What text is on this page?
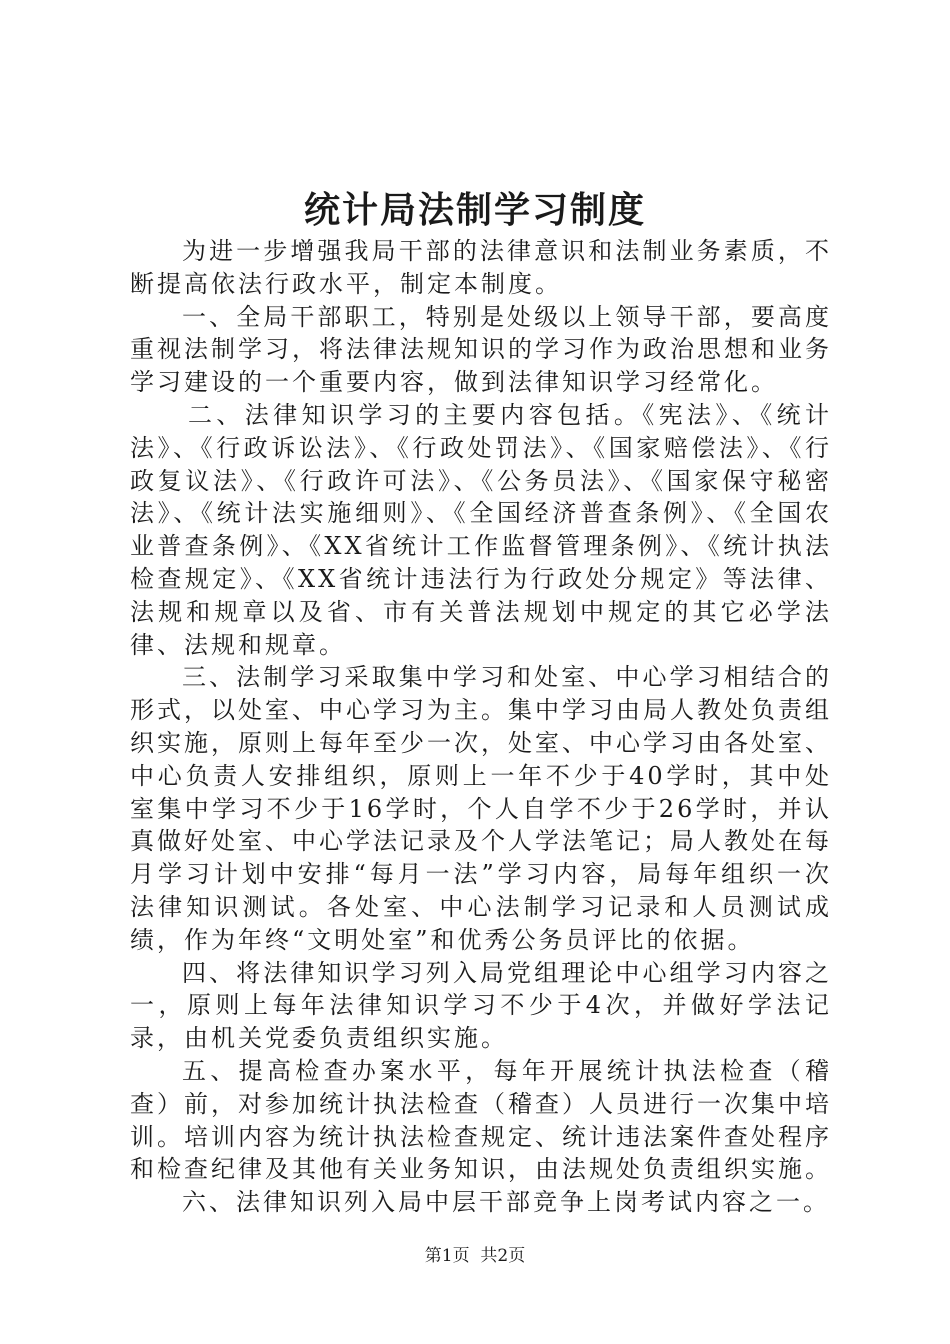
统计局法制学习制度

为进一步增强我局干部的法律意识和法制业务素质，不断提高依法行政水平，制定本制度。

一、全局干部职工，特别是处级以上领导干部，要高度重视法制学习，将法律法规知识的学习作为政治思想和业务学习建设的一个重要内容，做到法律知识学习经常化。

二、法律知识学习的主要内容包括。《宪法》、《统计法》、《行政诉讼法》、《行政处罚法》、《国家赔偿法》、《行政复议法》、《行政许可法》、《公务员法》、《国家保守秘密法》、《统计法实施细则》、《全国经济普查条例》、《全国农业普查条例》、《XX省统计工作监督管理条例》、《统计执法检查规定》、《XX省统计违法行为行政处分规定》等法律、法规和规章以及省、市有关普法规划中规定的其它必学法律、法规和规章。

三、法制学习采取集中学习和处室、中心学习相结合的形式，以处室、中心学习为主。集中学习由局人教处负责组织实施，原则上每年至少一次，处室、中心学习由各处室、中心负责人安排组织，原则上一年不少于40学时，其中处室集中学习不少于16学时，个人自学不少于26学时，并认真做好处室、中心学法记录及个人学法笔记；局人教处在每月学习计划中安排“每月一法”学习内容，局每年组织一次法律知识测试。各处室、中心法制学习记录和人员测试成绩，作为年终“文明处室”和优秀公务员评比的依据。

四、将法律知识学习列入局党组理论中心组学习内容之一，原则上每年法律知识学习不少于4次，并做好学法记录，由机关党委负责组织实施。

五、提高检查办案水平，每年开展统计执法检查（稽查）前，对参加统计执法检查（稽查）人员进行一次集中培训。培训内容为统计执法检查规定、统计违法案件查处程序和检查纪律及其他有关业务知识，由法规处负责组织实施。

六、法律知识列入局中层干部竞争上岗考试内容之一。

第1页  共2页
